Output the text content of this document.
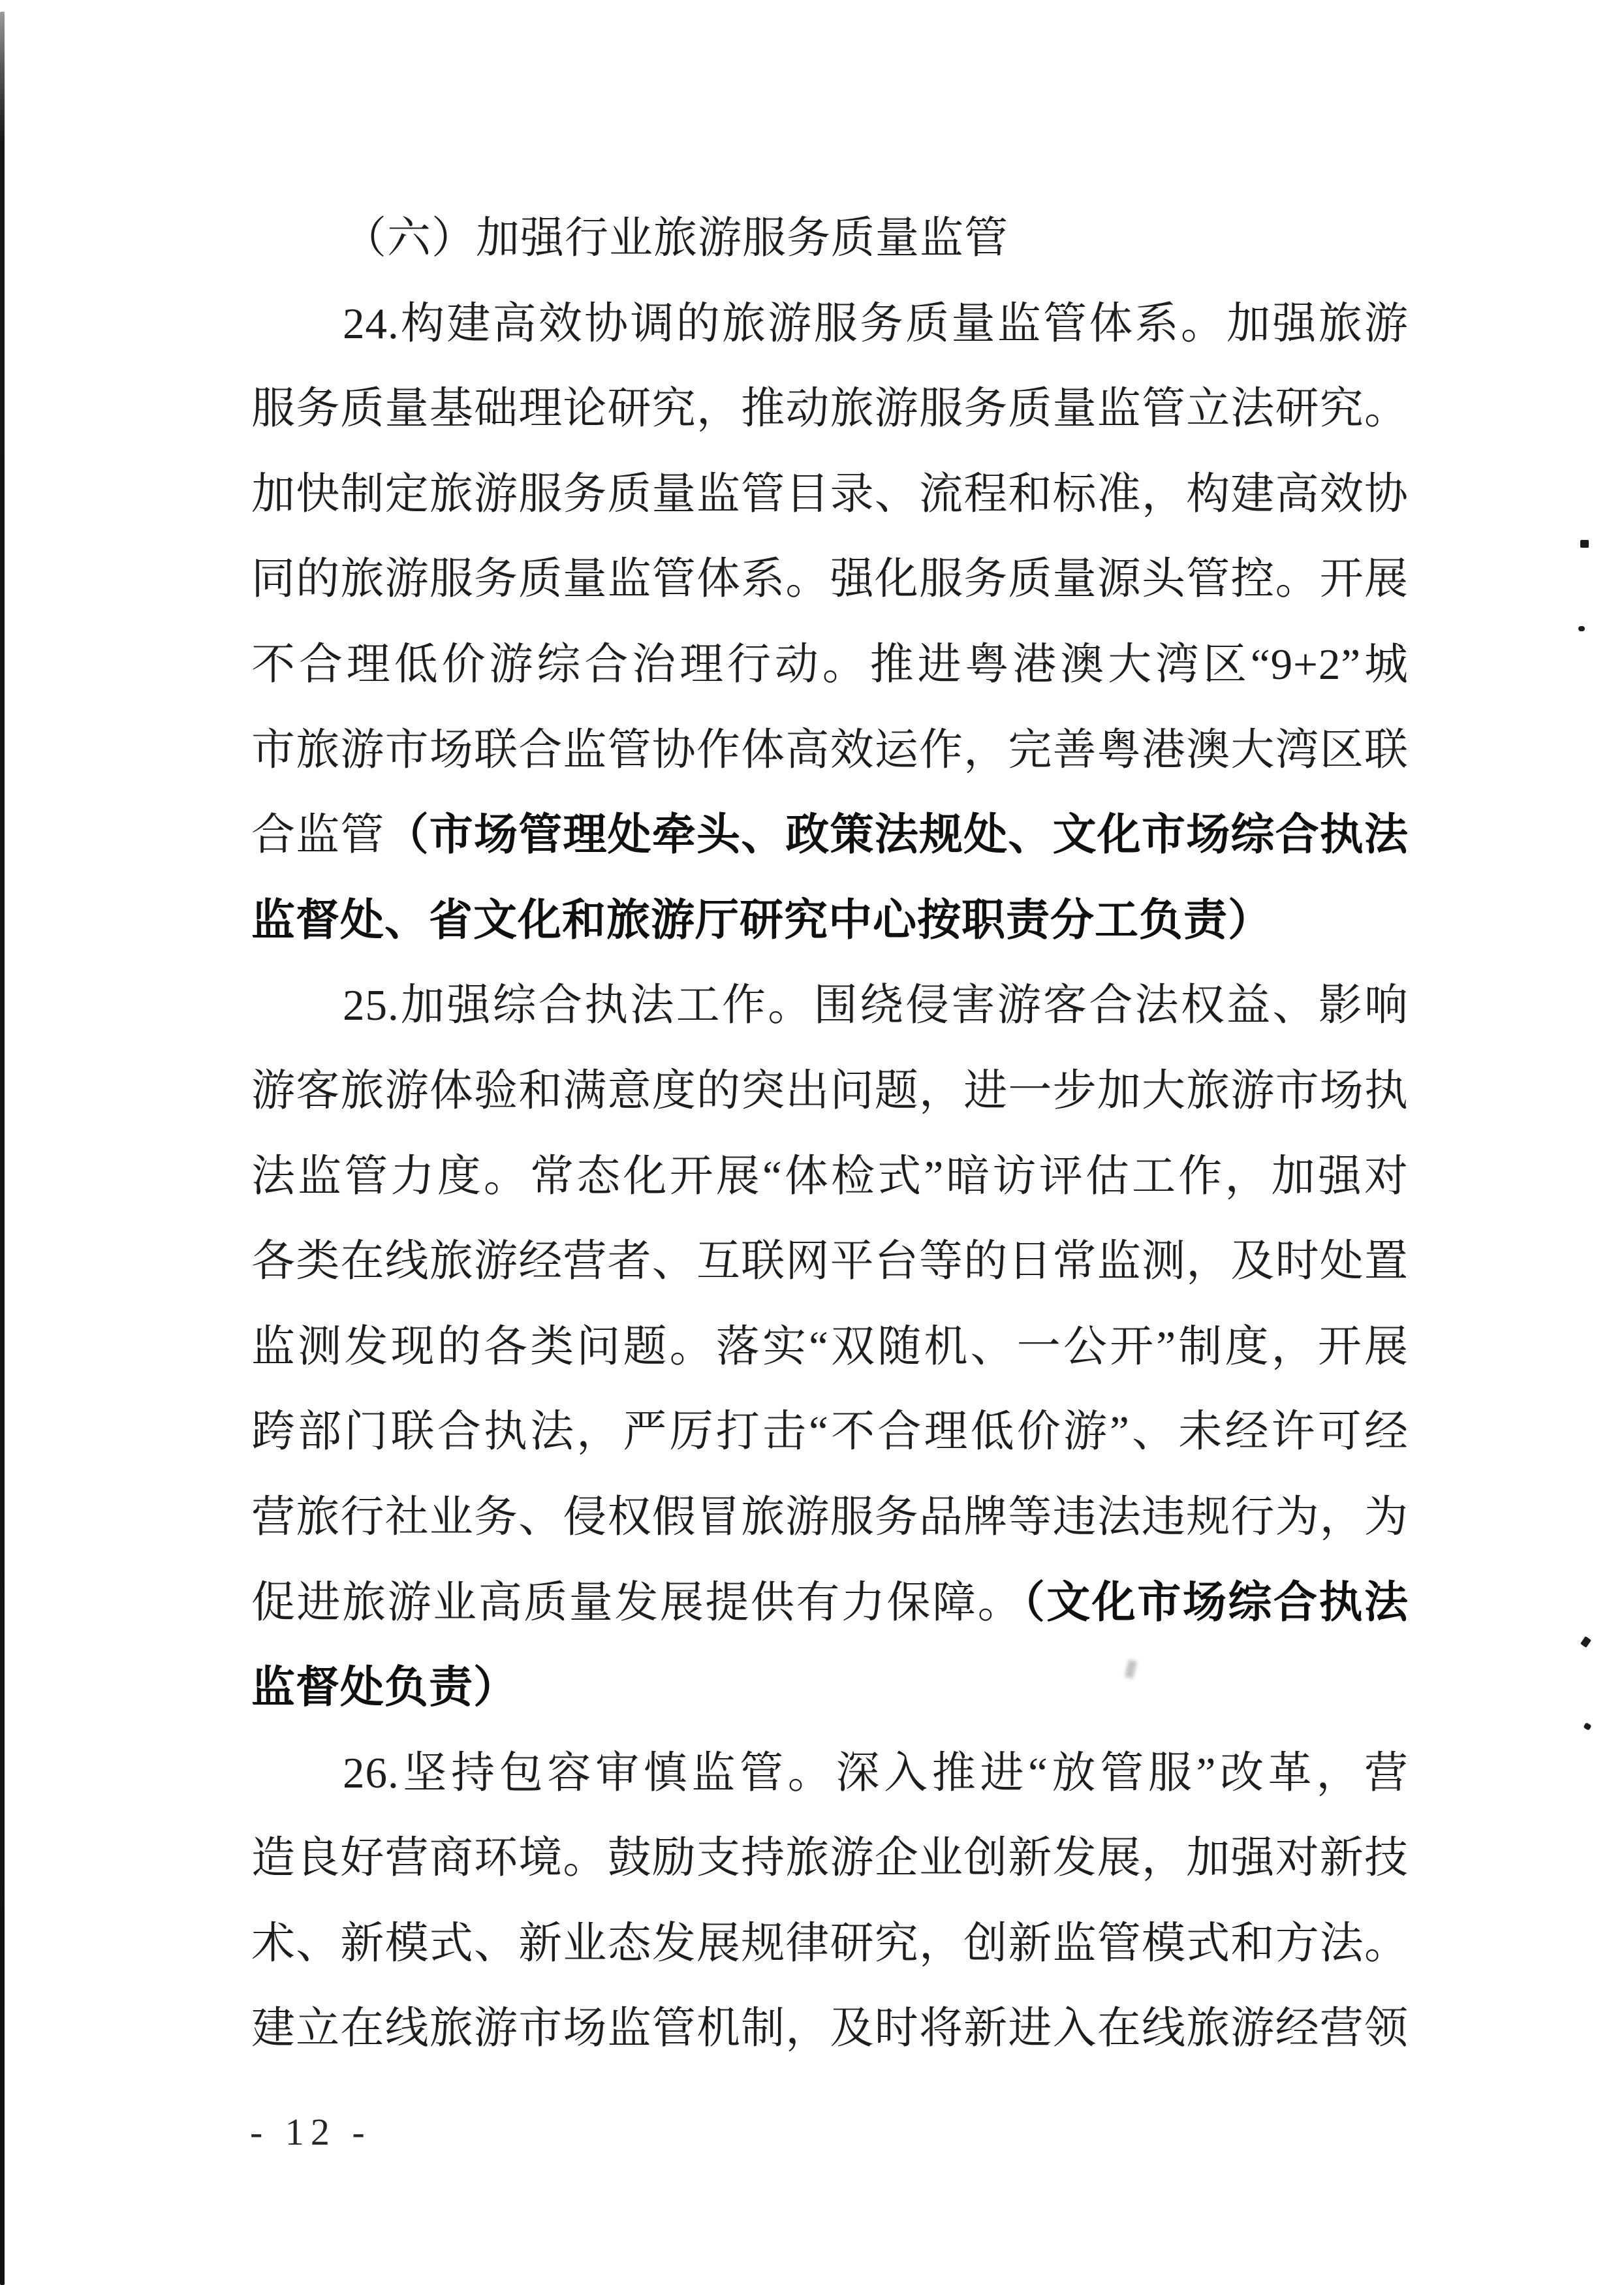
（六）加强行业旅游服务质量监管
24.构建高效协调的旅游服务质量监管体系。加强旅游
服务质量基础理论研究，推动旅游服务质量监管立法研究。
加快制定旅游服务质量监管目录、流程和标准，构建高效协
同的旅游服务质量监管体系。强化服务质量源头管控。开展
不合理低价游综合治理行动。推进粤港澳大湾区“9+2”城
市旅游市场联合监管协作体高效运作，完善粤港澳大湾区联
合监管（市场管理处牵头、政策法规处、文化市场综合执法
监督处、省文化和旅游厅研究中心按职责分工负责）
25.加强综合执法工作。围绕侵害游客合法权益、影响
游客旅游体验和满意度的突出问题，进一步加大旅游市场执
法监管力度。常态化开展“体检式”暗访评估工作，加强对
各类在线旅游经营者、互联网平台等的日常监测，及时处置
监测发现的各类问题。落实“双随机、一公开”制度，开展
跨部门联合执法，严厉打击“不合理低价游”、未经许可经
营旅行社业务、侵权假冒旅游服务品牌等违法违规行为，为
促进旅游业高质量发展提供有力保障。（文化市场综合执法
监督处负责）
26.坚持包容审慎监管。深入推进“放管服”改革，营
造良好营商环境。鼓励支持旅游企业创新发展，加强对新技
术、新模式、新业态发展规律研究，创新监管模式和方法。
建立在线旅游市场监管机制，及时将新进入在线旅游经营领
- 12 -
